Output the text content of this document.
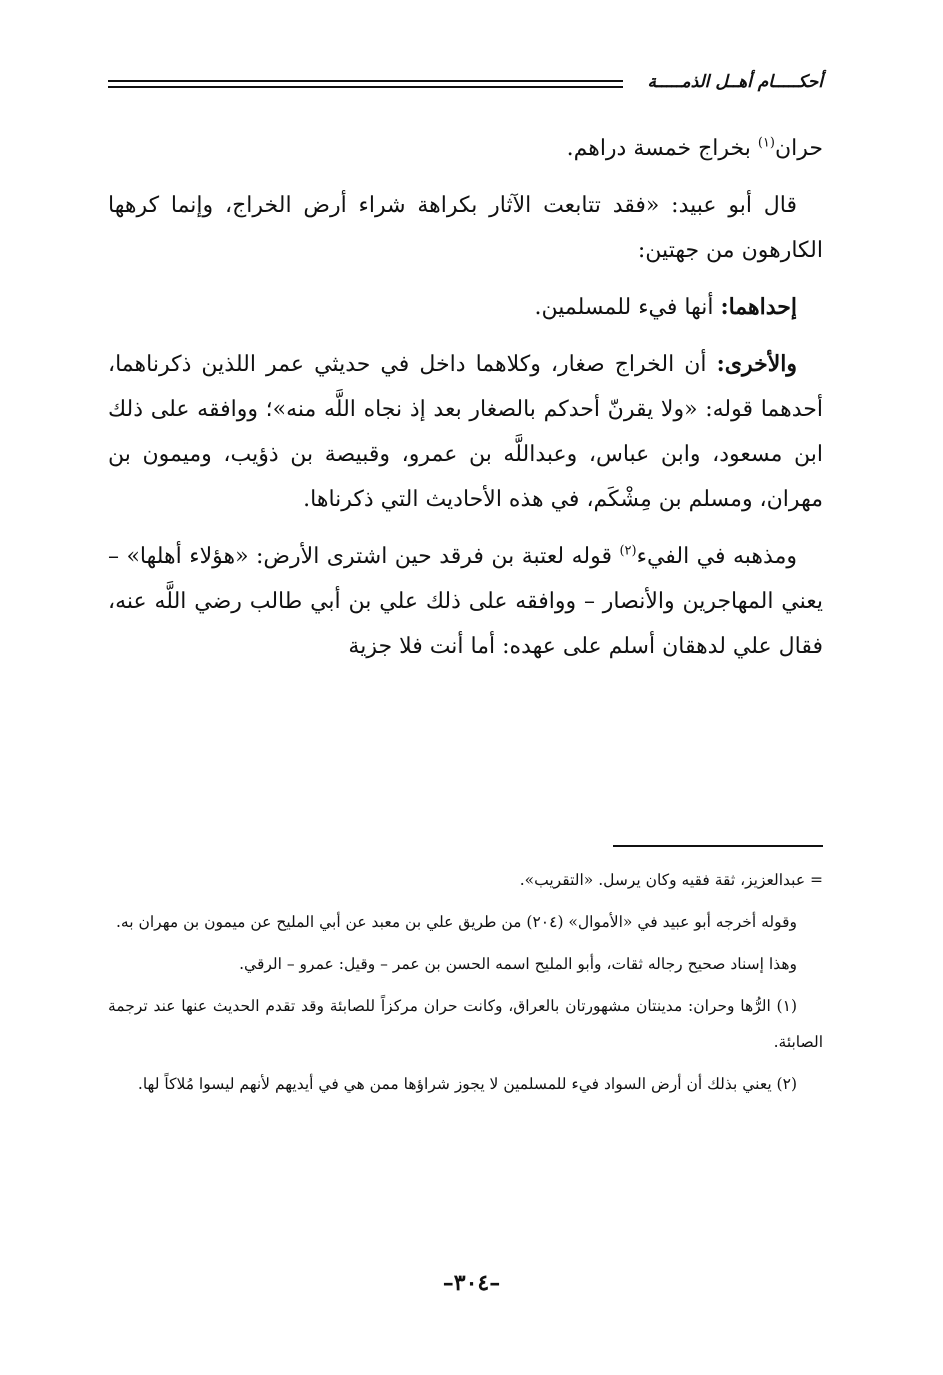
أحكـــــام أهــل الذمـــــة

حران$^{(١)}$ بخراج خمسة دراهم.

قال أبو عبيد: «فقد تتابعت الآثار بكراهة شراء أرض الخراج، وإنما كرهها الكارهون من جهتين:

إحداهما: أنها فيء للمسلمين.

والأخرى: أن الخراج صغار، وكلاهما داخل في حديثي عمر اللذين ذكرناهما، أحدهما قوله: «ولا يقرنّ أحدكم بالصغار بعد إذ نجاه اللَّه منه»؛ ووافقه على ذلك ابن مسعود، وابن عباس، وعبداللَّه بن عمرو، وقبيصة بن ذؤيب، وميمون بن مهران، ومسلم بن مِشْكَم، في هذه الأحاديث التي ذكرناها.

ومذهبه في الفيء$^{(٢)}$ قوله لعتبة بن فرقد حين اشترى الأرض: «هؤلاء أهلها» – يعني المهاجرين والأنصار – ووافقه على ذلك علي بن أبي طالب رضي اللَّه عنه، فقال علي لدهقان أسلم على عهده: أما أنت فلا جزية

= عبدالعزيز، ثقة فقيه وكان يرسل. «التقريب».

وقوله أخرجه أبو عبيد في «الأموال» (٢٠٤) من طريق علي بن معبد عن أبي المليح عن ميمون بن مهران به.

وهذا إسناد صحيح رجاله ثقات، وأبو المليح اسمه الحسن بن عمر – وقيل: عمرو – الرقي.

(١) الرُّها وحران: مدينتان مشهورتان بالعراق، وكانت حران مركزاً للصابئة وقد تقدم الحديث عنها عند ترجمة الصابئة.

(٢) يعني بذلك أن أرض السواد فيء للمسلمين لا يجوز شراؤها ممن هي في أيديهم لأنهم ليسوا مُلاكاً لها.

–٣٠٤–
